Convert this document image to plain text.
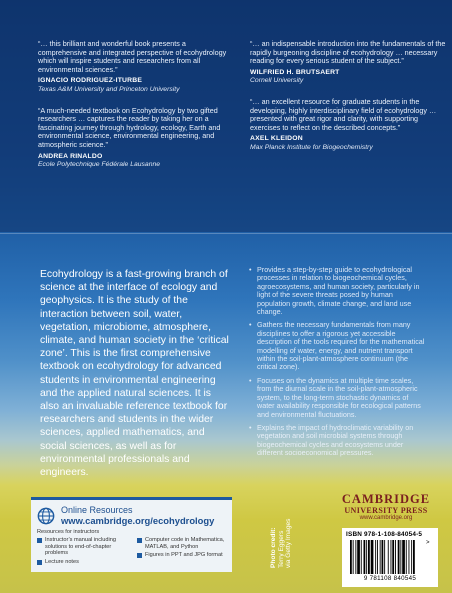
“… this brilliant and wonderful book presents a comprehensive and integrated perspective of ecohydrology which will inspire students and researchers from all environmental sciences.”

IGNACIO RODRIGUEZ-ITURBE
Texas A&M University and Princeton University

“A much-needed textbook on Ecohydrology by two gifted researchers … captures the reader by taking her on a fascinating journey through hydrology, ecology, Earth and environmental science, environmental engineering, and atmospheric science.”

ANDREA RINALDO
Ecole Polytechnique Fédérale Lausanne

“… an indispensable introduction into the fundamentals of the rapidly burgeoning discipline of ecohydrology … necessary reading for every serious student of the subject.”

WILFRIED H. BRUTSAERT
Cornell University

“… an excellent resource for graduate students in the developing, highly interdisciplinary field of ecohydrology … presented with great rigor and clarity, with supporting exercises to reflect on the described concepts.”

AXEL KLEIDON
Max Planck Institute for Biogeochemistry
Ecohydrology is a fast-growing branch of science at the interface of ecology and geophysics. It is the study of the interaction between soil, water, vegetation, microbiome, atmosphere, climate, and human society in the ‘critical zone’. This is the first comprehensive textbook on ecohydrology for advanced students in environmental engineering and the applied natural sciences. It is also an invaluable reference textbook for researchers and students in the wider sciences, applied mathematics, and social sciences, as well as for environmental professionals and engineers.
• Provides a step-by-step guide to ecohydrological processes in relation to biogeochemical cycles, agroecosystems, and human society, particularly in light of the severe threats posed by human population growth, climate change, and land use change.
• Gathers the necessary fundamentals from many disciplines to offer a rigorous yet accessible description of the tools required for the mathematical modelling of water, energy, and nutrient transport within the soil-plant-atmosphere continuum (the critical zone).
• Focuses on the dynamics at multiple time scales, from the diurnal scale in the soil-plant-atmospheric system, to the long-term stochastic dynamics of water availability responsible for ecological patterns and environmental fluctuations.
• Explains the impact of hydroclimatic variability on vegetation and soil microbial systems through biogeochemical cycles and ecosystems under different socioeconomical pressures.
Online Resources
www.cambridge.org/ecohydrology
Resources for instructors
Instructor’s manual including solutions to end-of-chapter problems
Lecture notes
Computer code in Mathematica, MATLAB, and Python
Figures in PPT and JPG format	Photo credit: Terry Eggers via Getty Images
CAMBRIDGE
UNIVERSITY PRESS
www.cambridge.org
ISBN 978-1-108-84054-5
>
9 781108 840545
